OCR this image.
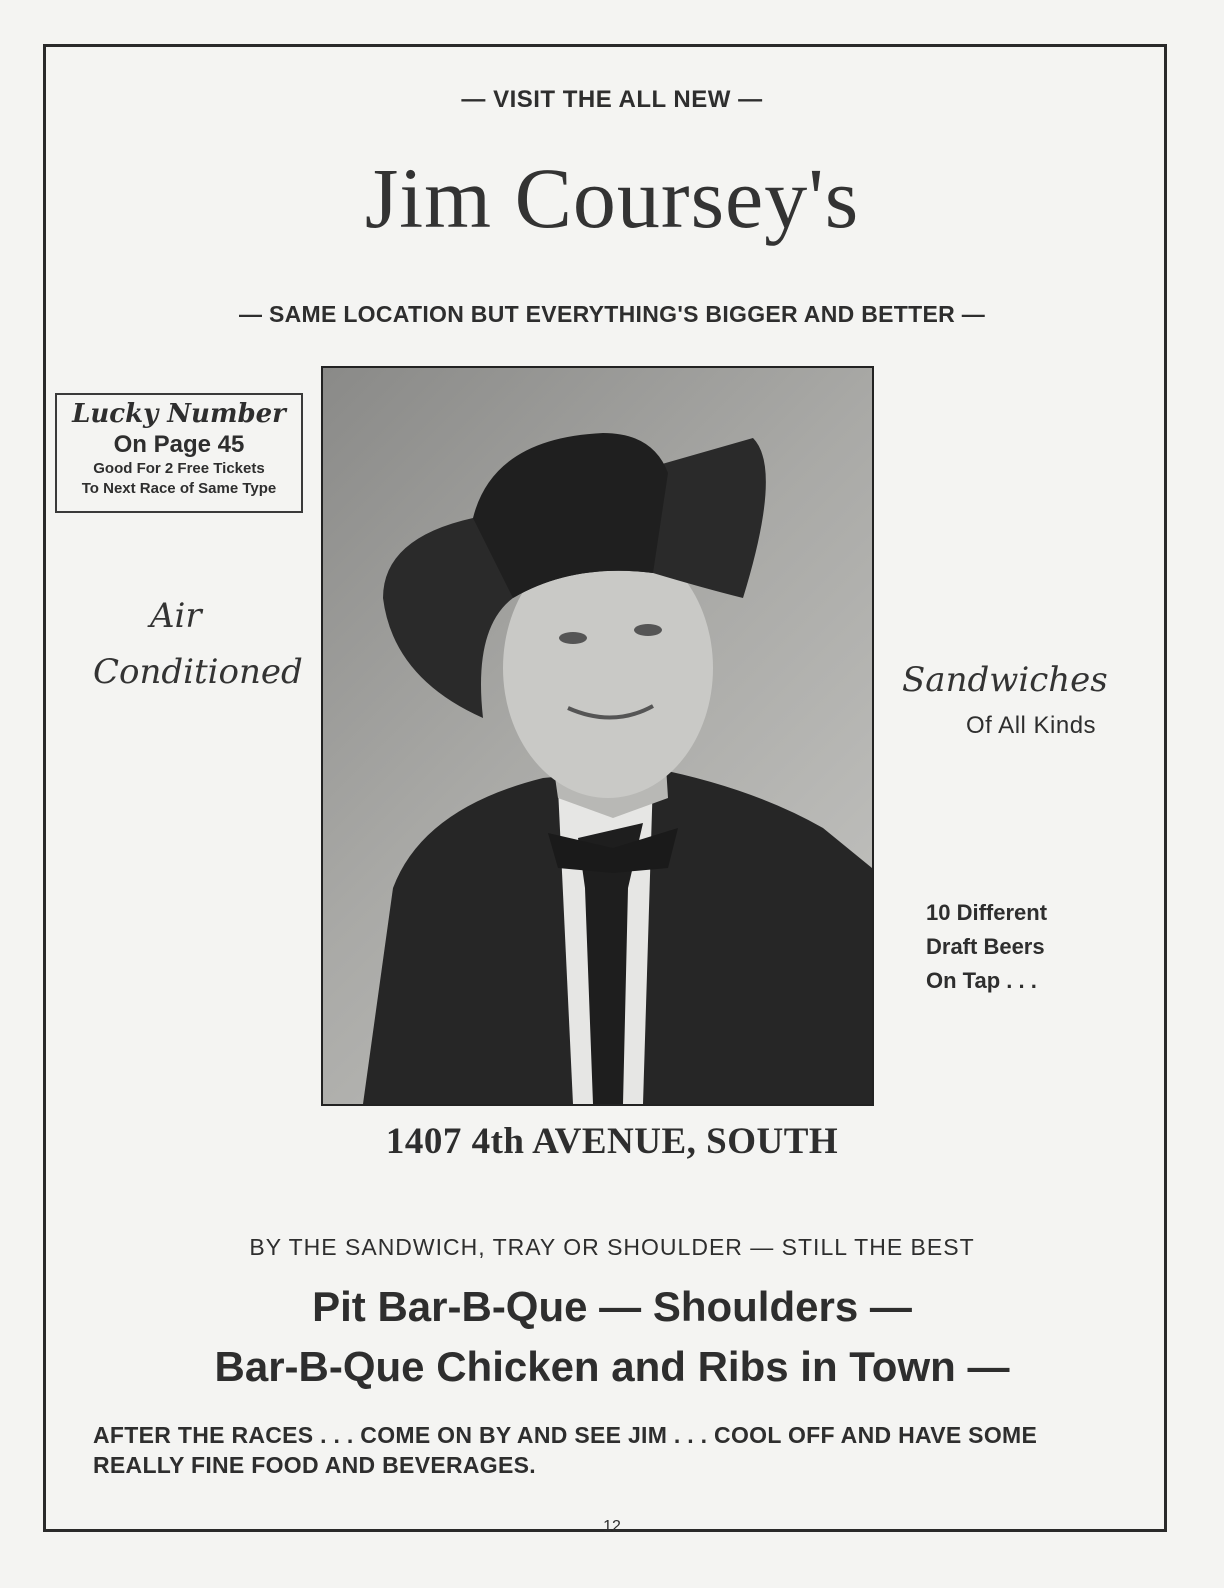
— VISIT THE ALL NEW —
Jim Coursey's
— SAME LOCATION BUT EVERYTHING'S BIGGER AND BETTER —
Lucky Number
On Page 45
Good For 2 Free Tickets
To Next Race of Same Type
Air
Conditioned	Sandwiches
Of All Kinds
10 Different
Draft Beers
On Tap . . .
1407 4th AVENUE, SOUTH
BY THE SANDWICH, TRAY OR SHOULDER — STILL THE BEST
Pit Bar-B-Que — Shoulders —
Bar-B-Que Chicken and Ribs in Town —
AFTER THE RACES . . . COME ON BY AND SEE JIM . . . COOL OFF AND HAVE SOME
REALLY FINE FOOD AND BEVERAGES.
12
